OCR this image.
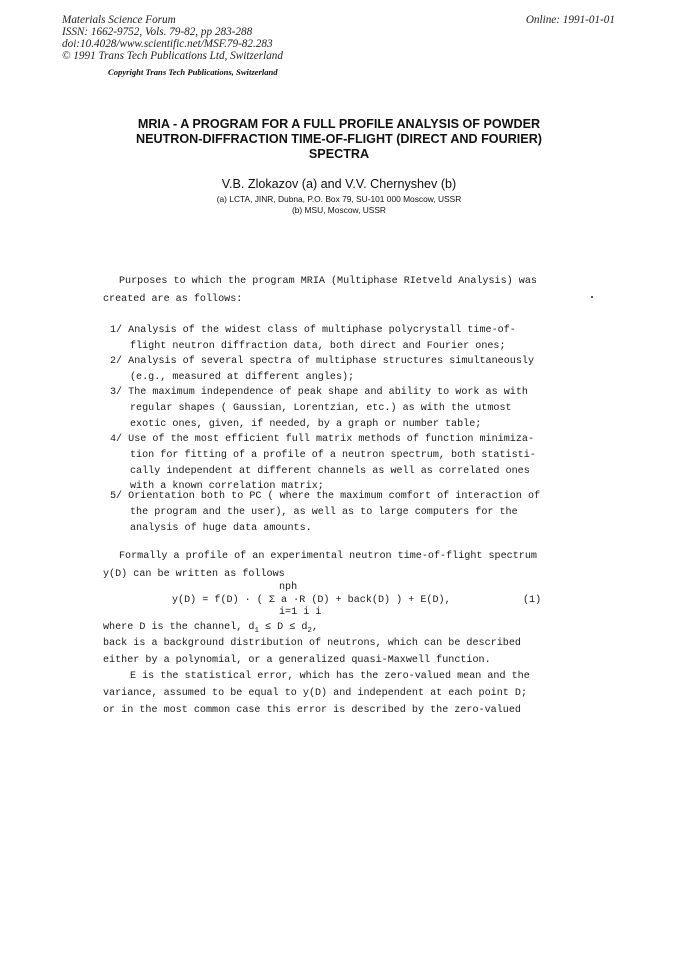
Materials Science Forum
ISSN: 1662-9752, Vols. 79-82, pp 283-288
doi:10.4028/www.scientific.net/MSF.79-82.283
© 1991 Trans Tech Publications Ltd, Switzerland
Online: 1991-01-01
Copyright Trans Tech Publications, Switzerland
MRIA - A PROGRAM FOR A FULL PROFILE ANALYSIS OF POWDER
NEUTRON-DIFFRACTION TIME-OF-FLIGHT (DIRECT AND FOURIER)
SPECTRA
V.B. Zlokazov (a) and V.V. Chernyshev (b)
(a) LCTA, JINR, Dubna, P.O. Box 79, SU-101 000 Moscow, USSR
(b) MSU, Moscow, USSR
Purposes to which the program MRIA (Multiphase RIetveld Analysis) was
created are as follows:
1/ Analysis of the widest class of multiphase polycrystall time-of-
flight neutron diffraction data, both direct and Fourier ones;
2/ Analysis of several spectra of multiphase structures simultaneously
(e.g., measured at different angles);
3/ The maximum independence of peak shape and ability to work as with
regular shapes ( Gaussian, Lorentzian, etc.) as with the utmost
exotic ones, given, if needed, by a graph or number table;
4/ Use of the most efficient full matrix methods of function minimiza-
tion for fitting of a profile of a neutron spectrum, both statisti-
cally independent at different channels as well as correlated ones
with a known correlation matrix;
5/ Orientation both to PC ( where the maximum comfort of interaction of
the program and the user), as well as to large computers for the
analysis of huge data amounts.
Formally a profile of an experimental neutron time-of-flight spectrum
y(D) can be written as follows
nph
y(D) = f(D) · ( Σ a ·R (D) + back(D) ) + E(D),	(1)
i=1 i i
where D is the channel, $d_1 \le D \le d_2$,
back is a background distribution of neutrons, which can be described
either by a polynomial, or a generalized quasi-Maxwell function.
E is the statistical error, which has the zero-valued mean and the
variance, assumed to be equal to y(D) and independent at each point D;
or in the most common case this error is described by the zero-valued
